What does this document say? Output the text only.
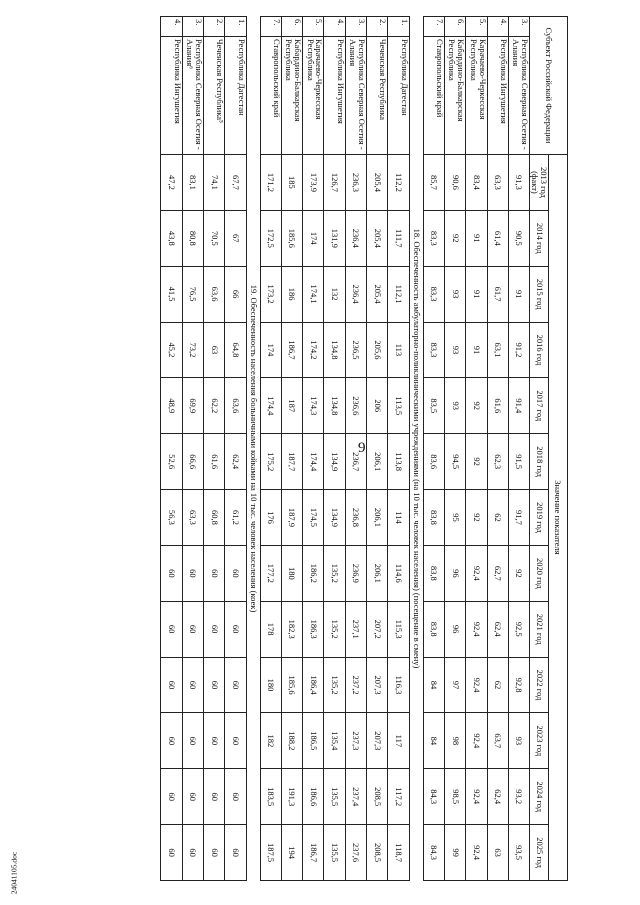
9
Субъект Российской Федерации		Значение показателя												
		2013 год (факт)	2014 год	2015 год	2016 год	2017 год	2018 год	2019 год	2020 год	2021 год	2022 год	2023 год	2024 год	2025 год
3.	Республика Северная Осетия - Алания	91,3	90,5	91	91,2	91,4	91,5	91,7	92	92,5	92,8	93	93,2	93,5
4.	Республика Ингушетия	63,3	61,4	61,7	63,1	61,6	62,3	62	62,7	62,4	62	63,7	62,4	63
5.	Карачаево-Черкесская Республика	83,4	91	91	91	92	92	92	92,4	92,4	92,4	92,4	92,4	92,4
6.	Кабардино-Балкарская Республика	90,6	92	93	93	93	94,5	95	96	96	97	98	98,5	99
7.	Ставропольский край	85,7	83,3	83,3	83,3	83,5	83,6	83,8	83,8	83,8	84	84	84,3	84,3
18. Обеспеченность амбулаторно-поликлиническими учреждениями (на 10 тыс. человек населения) (посещение в смену)														
1.	Республика Дагестан	112,2	111,7	112,1	113	113,5	113,8	114	114,6	115,3	116,3	117	117,2	118,7
2.	Чеченская Республика	205,4	205,4	205,4	205,6	206	206,1	206,1	206,1	207,2	207,3	207,3	208,5	208,5
3.	Республика Северная Осетия - Алания	236,3	236,4	236,4	236,5	236,6	236,7	236,8	236,9	237,1	237,2	237,3	237,4	237,6
4.	Республика Ингушетия	126,7	131,9	132	134,8	134,8	134,9	134,9	135,2	135,2	135,2	135,4	135,5	135,5
5.	Карачаево-Черкесская Республика	173,9	174	174,1	174,2	174,3	174,4	174,5	186,2	186,3	186,4	186,5	186,6	186,7
6.	Кабардино-Балкарская Республика	185	185,6	186	186,7	187	187,7	187,9	180	182,3	185,6	188,2	191,3	194
7.	Ставропольский край	171,2	172,5	173,2	174	174,4	175,2	176	177,2	178	180	182	183,5	187,5
19. Обеспеченность населения больничными койками на 10 тыс. человек населения (коек)														
1.	Республика Дагестан	67,7	67	66	64,8	63,6	62,4	61,2	60	60	60	60	60	60
2.	Чеченская Республика⁵	74,1	70,5	63,6	63	62,2	61,6	60,8	60	60	60	60	60	60
3.	Республика Северная Осетия - Алания⁶	83,1	80,8	76,5	73,2	69,9	66,6	63,3	60	60	60	60	60	60
4.	Республика Ингушетия	47,2	43,8	41,5	45,2	48,9	52,6	56,3	60	60	60	60	60	60
24041105.doc
